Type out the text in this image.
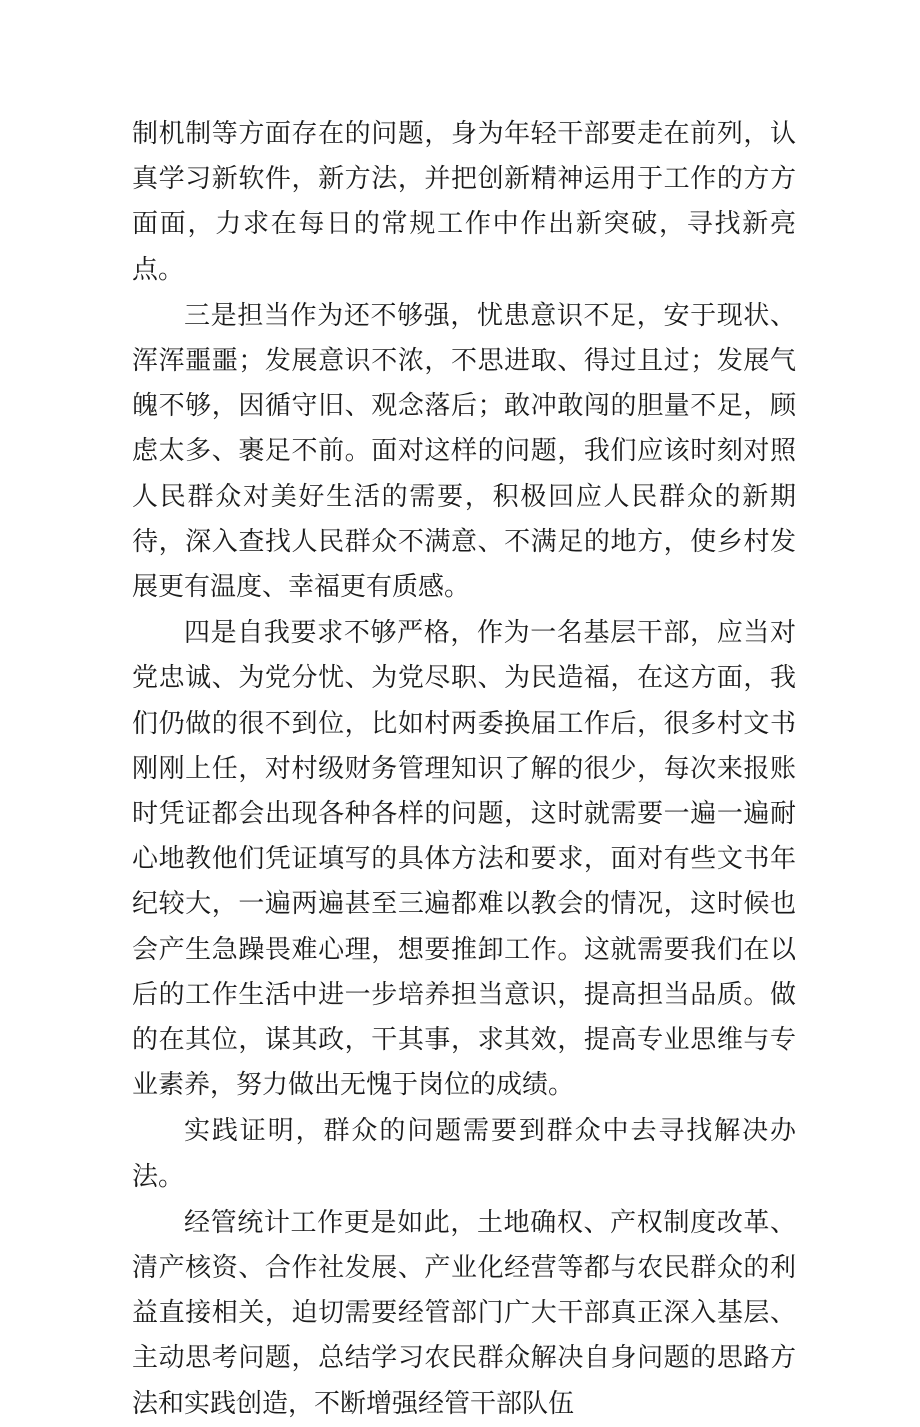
制机制等方面存在的问题，身为年轻干部要走在前列，认真学习新软件，新方法，并把创新精神运用于工作的方方面面，力求在每日的常规工作中作出新突破，寻找新亮点。

三是担当作为还不够强，忧患意识不足，安于现状、浑浑噩噩；发展意识不浓，不思进取、得过且过；发展气魄不够，因循守旧、观念落后；敢冲敢闯的胆量不足，顾虑太多、裹足不前。面对这样的问题，我们应该时刻对照人民群众对美好生活的需要，积极回应人民群众的新期待，深入查找人民群众不满意、不满足的地方，使乡村发展更有温度、幸福更有质感。

四是自我要求不够严格，作为一名基层干部，应当对党忠诚、为党分忧、为党尽职、为民造福，在这方面，我们仍做的很不到位，比如村两委换届工作后，很多村文书刚刚上任，对村级财务管理知识了解的很少，每次来报账时凭证都会出现各种各样的问题，这时就需要一遍一遍耐心地教他们凭证填写的具体方法和要求，面对有些文书年纪较大，一遍两遍甚至三遍都难以教会的情况，这时候也会产生急躁畏难心理，想要推卸工作。这就需要我们在以后的工作生活中进一步培养担当意识，提高担当品质。做的在其位，谋其政，干其事，求其效，提高专业思维与专业素养，努力做出无愧于岗位的成绩。

实践证明，群众的问题需要到群众中去寻找解决办法。

经管统计工作更是如此，土地确权、产权制度改革、清产核资、合作社发展、产业化经营等都与农民群众的利益直接相关，迫切需要经管部门广大干部真正深入基层、主动思考问题，总结学习农民群众解决自身问题的思路方法和实践创造，不断增强经管干部队伍
